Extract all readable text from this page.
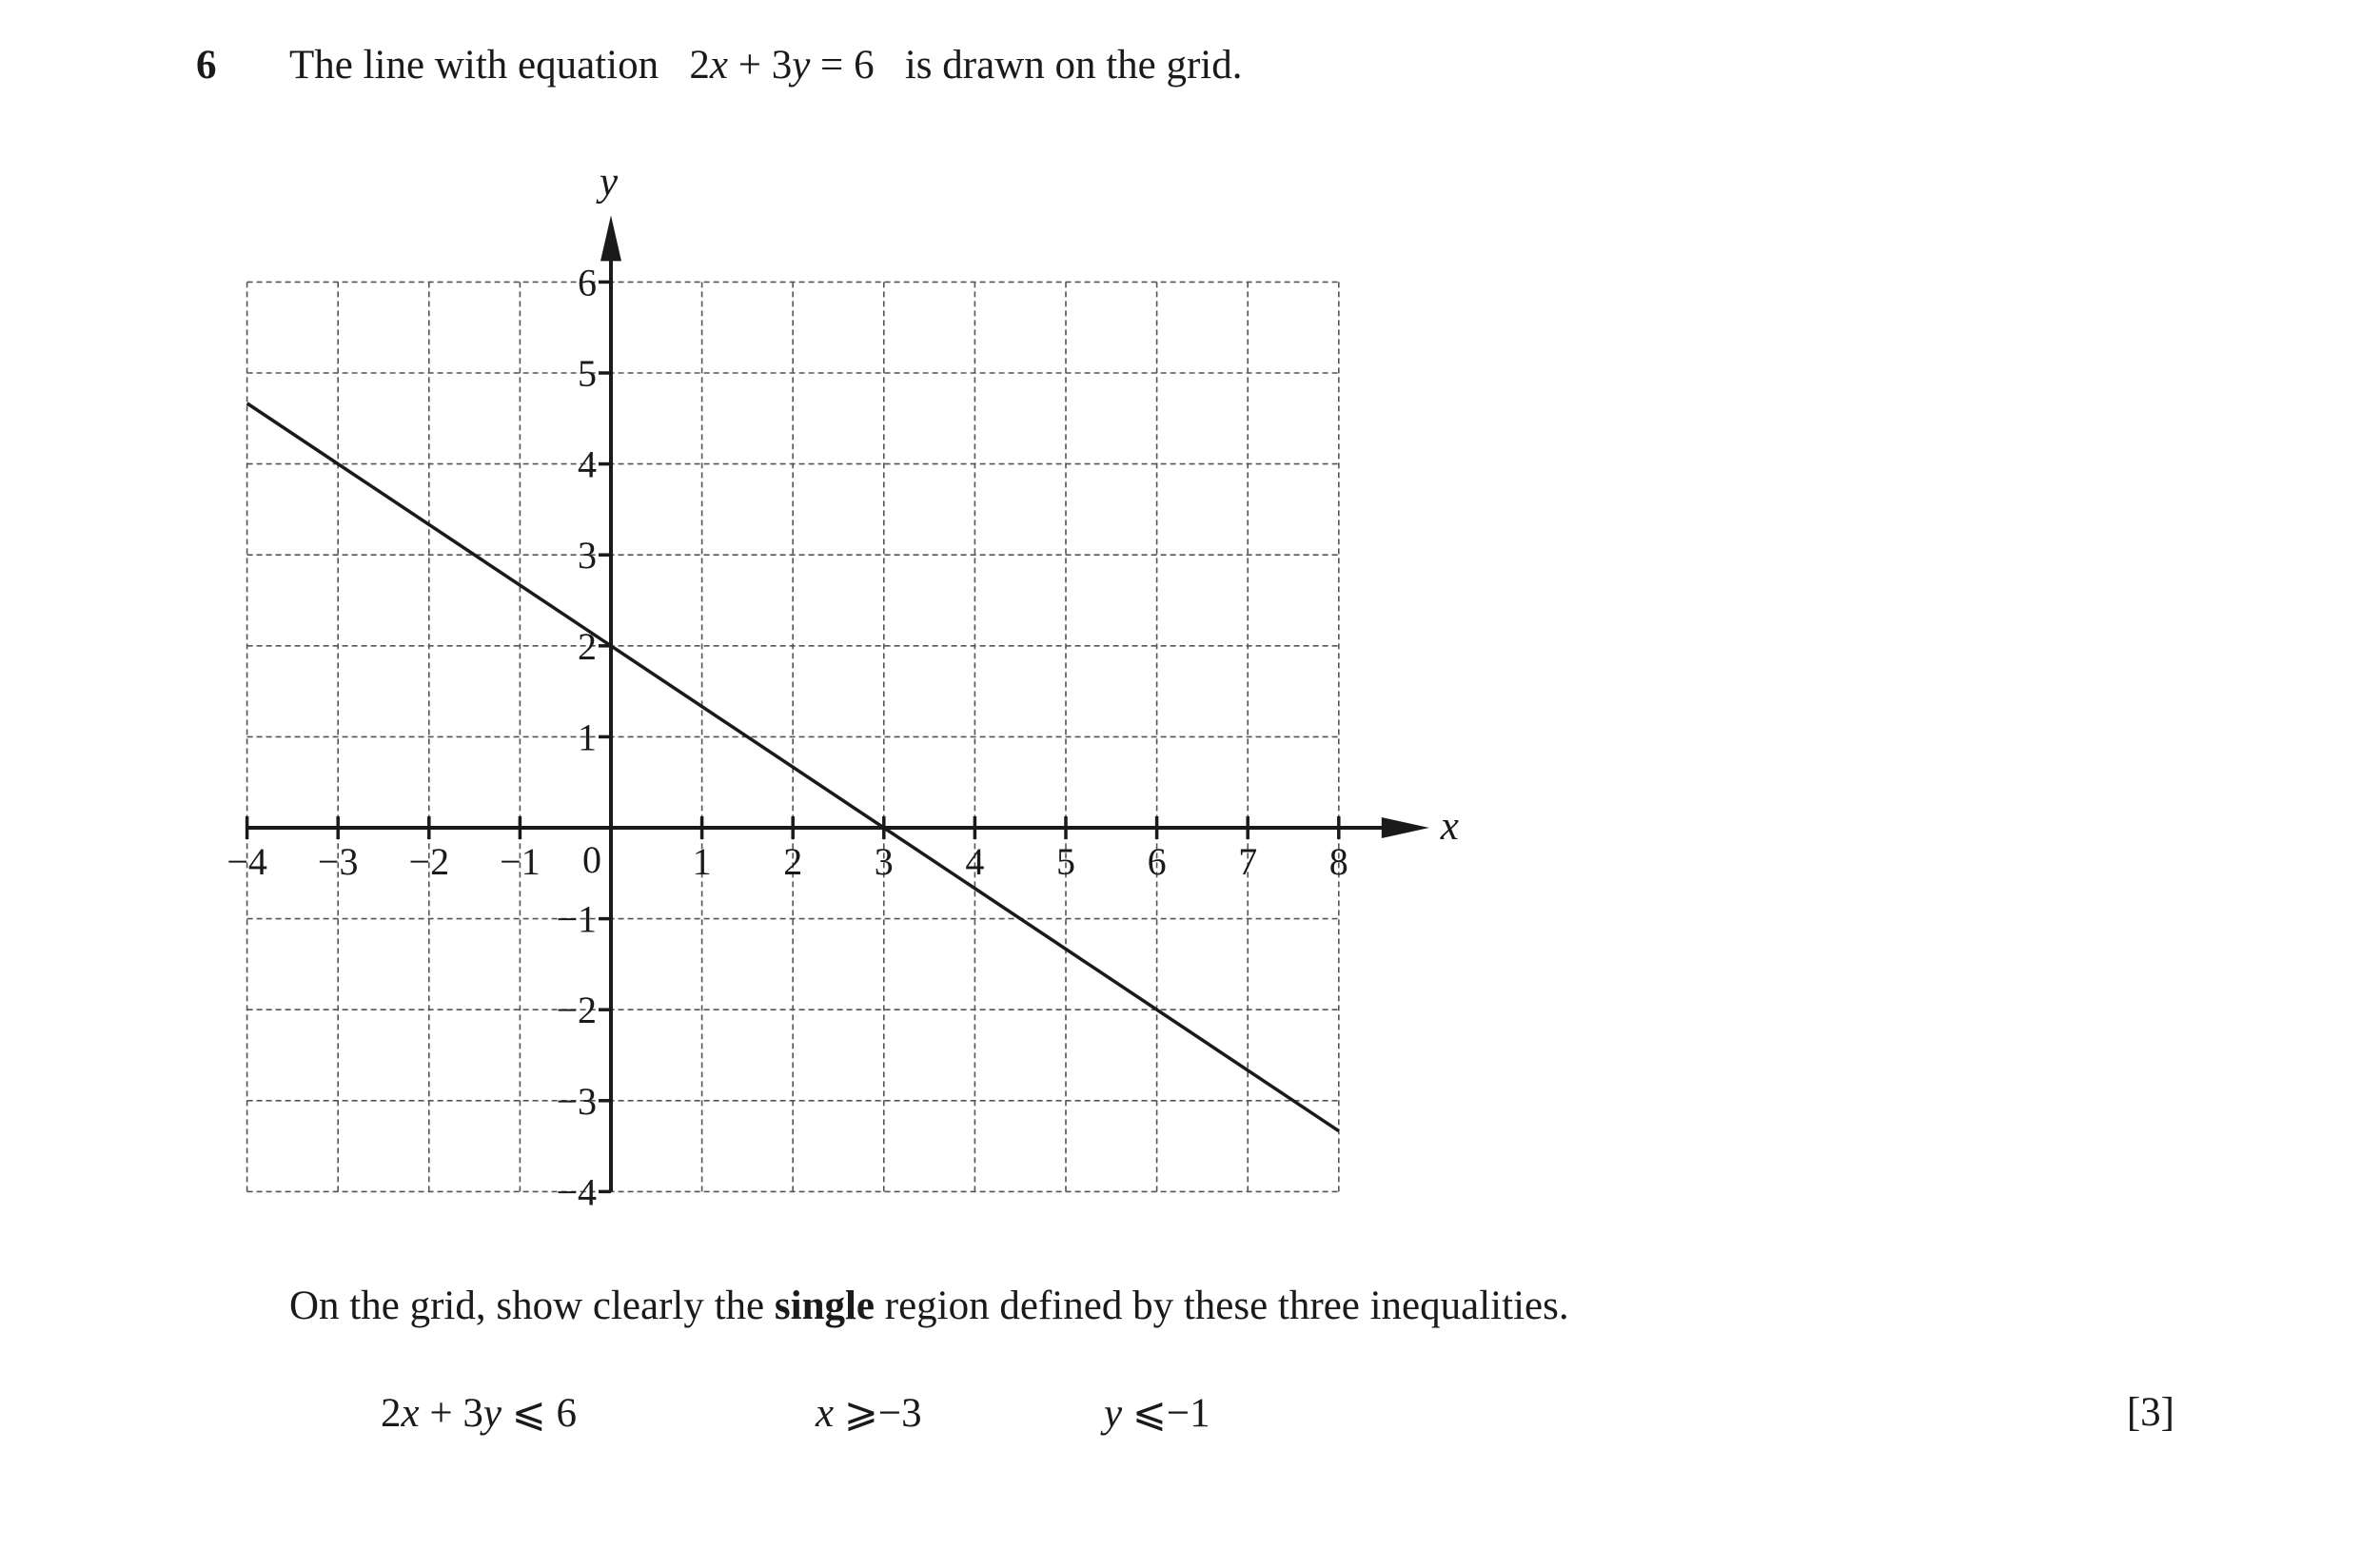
6 The line with equation 2x + 3y = 6 is drawn on the grid.
−4 −3 −2 −1	1 2 3 4 5 6 7 8
−4
−3
−2
−1
1
2
3
4
5
6
x
y
0
On the grid, show clearly the single region defined by these three inequalities.
2x + 3y ⩽ 6	x ⩾−3	y ⩽−1	[3]
